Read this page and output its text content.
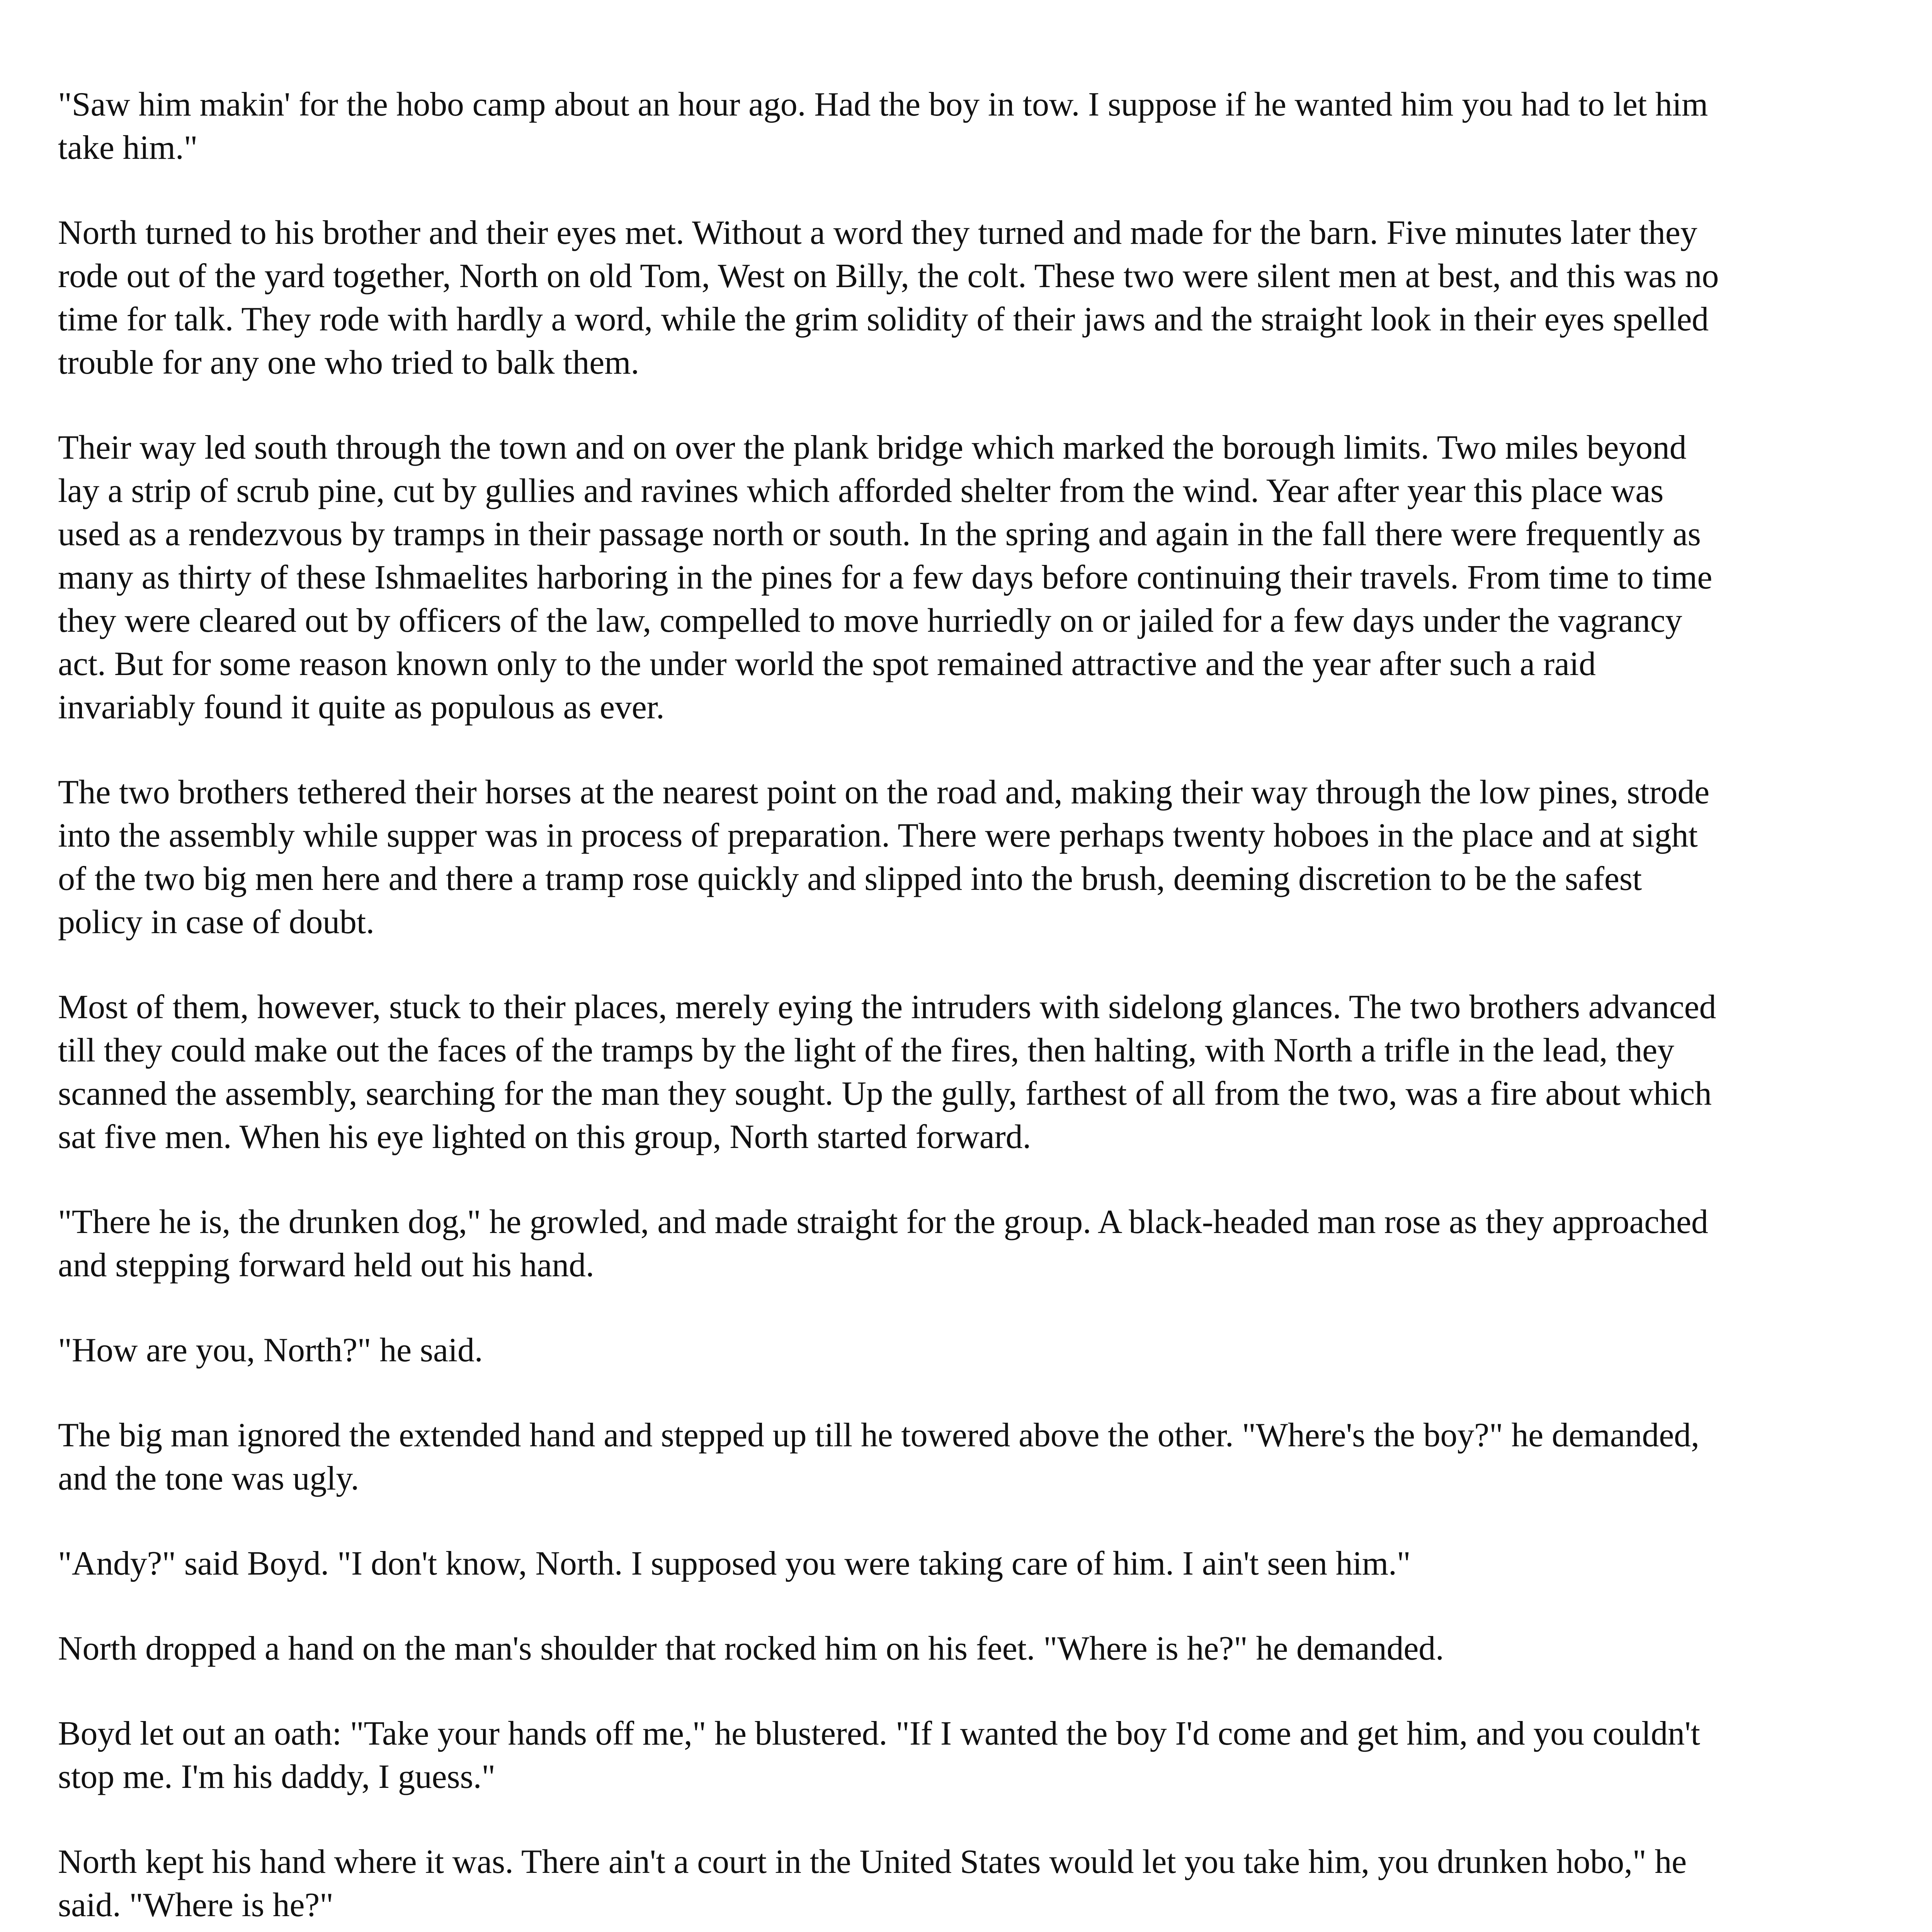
"Saw him makin' for the hobo camp about an hour ago. Had the boy in tow. I suppose if he wanted him you had to let him take him."

North turned to his brother and their eyes met. Without a word they turned and made for the barn. Five minutes later they rode out of the yard together, North on old Tom, West on Billy, the colt. These two were silent men at best, and this was no time for talk. They rode with hardly a word, while the grim solidity of their jaws and the straight look in their eyes spelled trouble for any one who tried to balk them.

Their way led south through the town and on over the plank bridge which marked the borough limits. Two miles beyond lay a strip of scrub pine, cut by gullies and ravines which afforded shelter from the wind. Year after year this place was used as a rendezvous by tramps in their passage north or south. In the spring and again in the fall there were frequently as many as thirty of these Ishmaelites harboring in the pines for a few days before continuing their travels. From time to time they were cleared out by officers of the law, compelled to move hurriedly on or jailed for a few days under the vagrancy act. But for some reason known only to the under world the spot remained attractive and the year after such a raid invariably found it quite as populous as ever.

The two brothers tethered their horses at the nearest point on the road and, making their way through the low pines, strode into the assembly while supper was in process of preparation. There were perhaps twenty hoboes in the place and at sight of the two big men here and there a tramp rose quickly and slipped into the brush, deeming discretion to be the safest policy in case of doubt.

Most of them, however, stuck to their places, merely eying the intruders with sidelong glances. The two brothers advanced till they could make out the faces of the tramps by the light of the fires, then halting, with North a trifle in the lead, they scanned the assembly, searching for the man they sought. Up the gully, farthest of all from the two, was a fire about which sat five men. When his eye lighted on this group, North started forward.

"There he is, the drunken dog," he growled, and made straight for the group. A black-headed man rose as they approached and stepping forward held out his hand.

"How are you, North?" he said.

The big man ignored the extended hand and stepped up till he towered above the other. "Where's the boy?" he demanded, and the tone was ugly.

"Andy?" said Boyd. "I don't know, North. I supposed you were taking care of him. I ain't seen him."

North dropped a hand on the man's shoulder that rocked him on his feet. "Where is he?" he demanded.

Boyd let out an oath: "Take your hands off me," he blustered. "If I wanted the boy I'd come and get him, and you couldn't stop me. I'm his daddy, I guess."

North kept his hand where it was. There ain't a court in the United States would let you take him, you drunken hobo," he said. "Where is he?"
